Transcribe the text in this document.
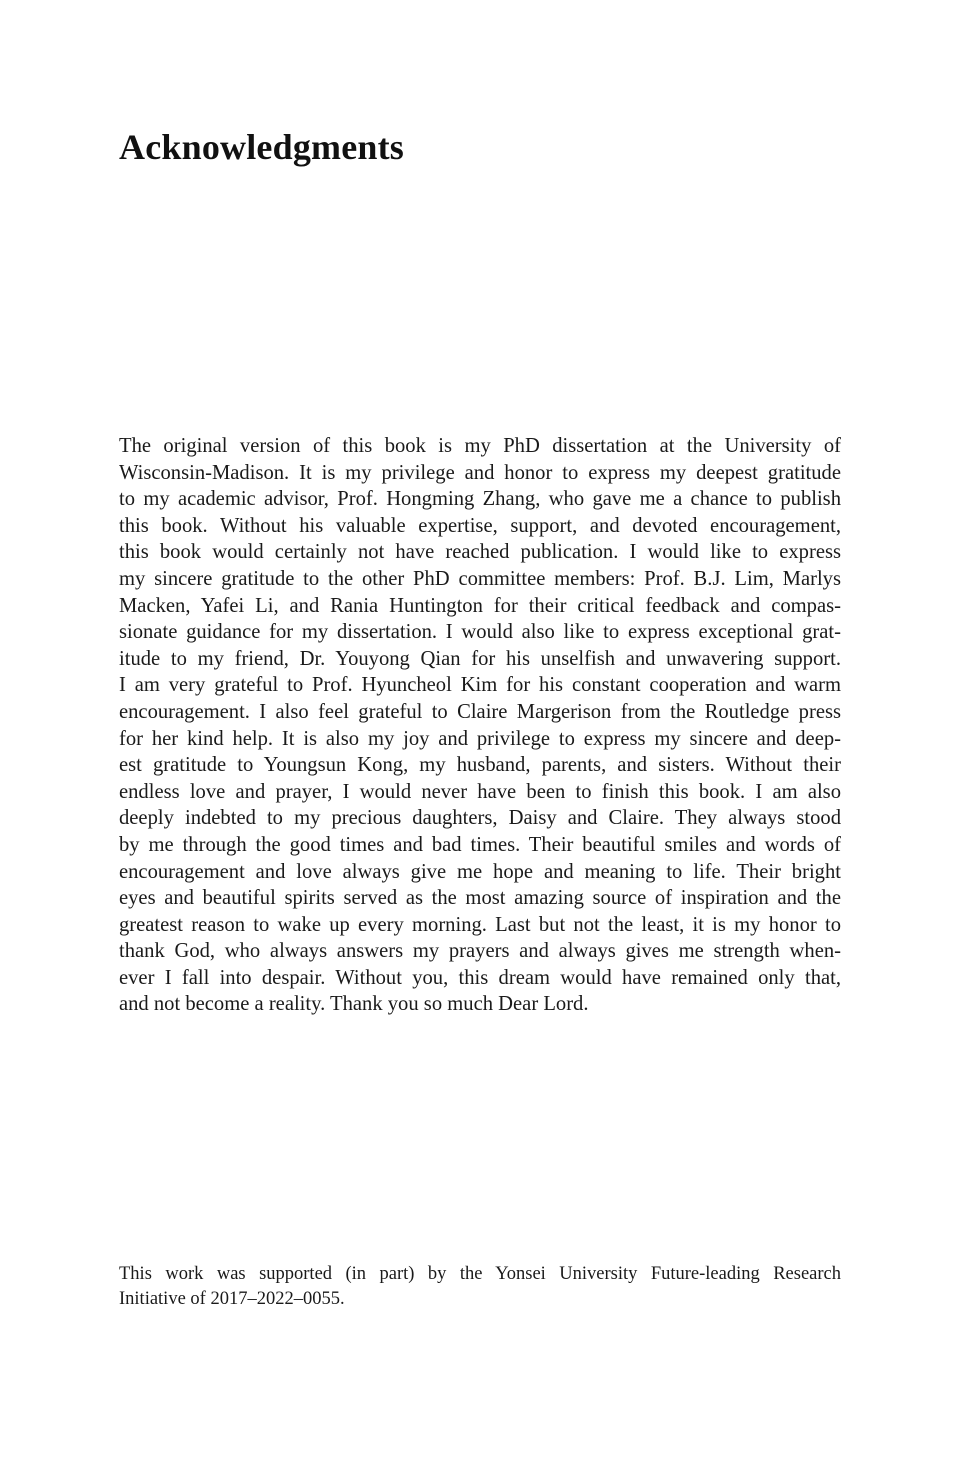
Acknowledgments
The original version of this book is my PhD dissertation at the University of
Wisconsin-Madison. It is my privilege and honor to express my deepest gratitude
to my academic advisor, Prof. Hongming Zhang, who gave me a chance to publish
this book. Without his valuable expertise, support, and devoted encouragement,
this book would certainly not have reached publication. I would like to express
my sincere gratitude to the other PhD committee members: Prof. B.J. Lim, Marlys
Macken, Yafei Li, and Rania Huntington for their critical feedback and compas-
sionate guidance for my dissertation. I would also like to express exceptional grat-
itude to my friend, Dr. Youyong Qian for his unselfish and unwavering support.
I am very grateful to Prof. Hyuncheol Kim for his constant cooperation and warm
encouragement. I also feel grateful to Claire Margerison from the Routledge press
for her kind help. It is also my joy and privilege to express my sincere and deep-
est gratitude to Youngsun Kong, my husband, parents, and sisters. Without their
endless love and prayer, I would never have been to finish this book. I am also
deeply indebted to my precious daughters, Daisy and Claire. They always stood
by me through the good times and bad times. Their beautiful smiles and words of
encouragement and love always give me hope and meaning to life. Their bright
eyes and beautiful spirits served as the most amazing source of inspiration and the
greatest reason to wake up every morning. Last but not the least, it is my honor to
thank God, who always answers my prayers and always gives me strength when-
ever I fall into despair. Without you, this dream would have remained only that,
and not become a reality. Thank you so much Dear Lord.
This work was supported (in part) by the Yonsei University Future-leading Research
Initiative of 2017–2022–0055.
